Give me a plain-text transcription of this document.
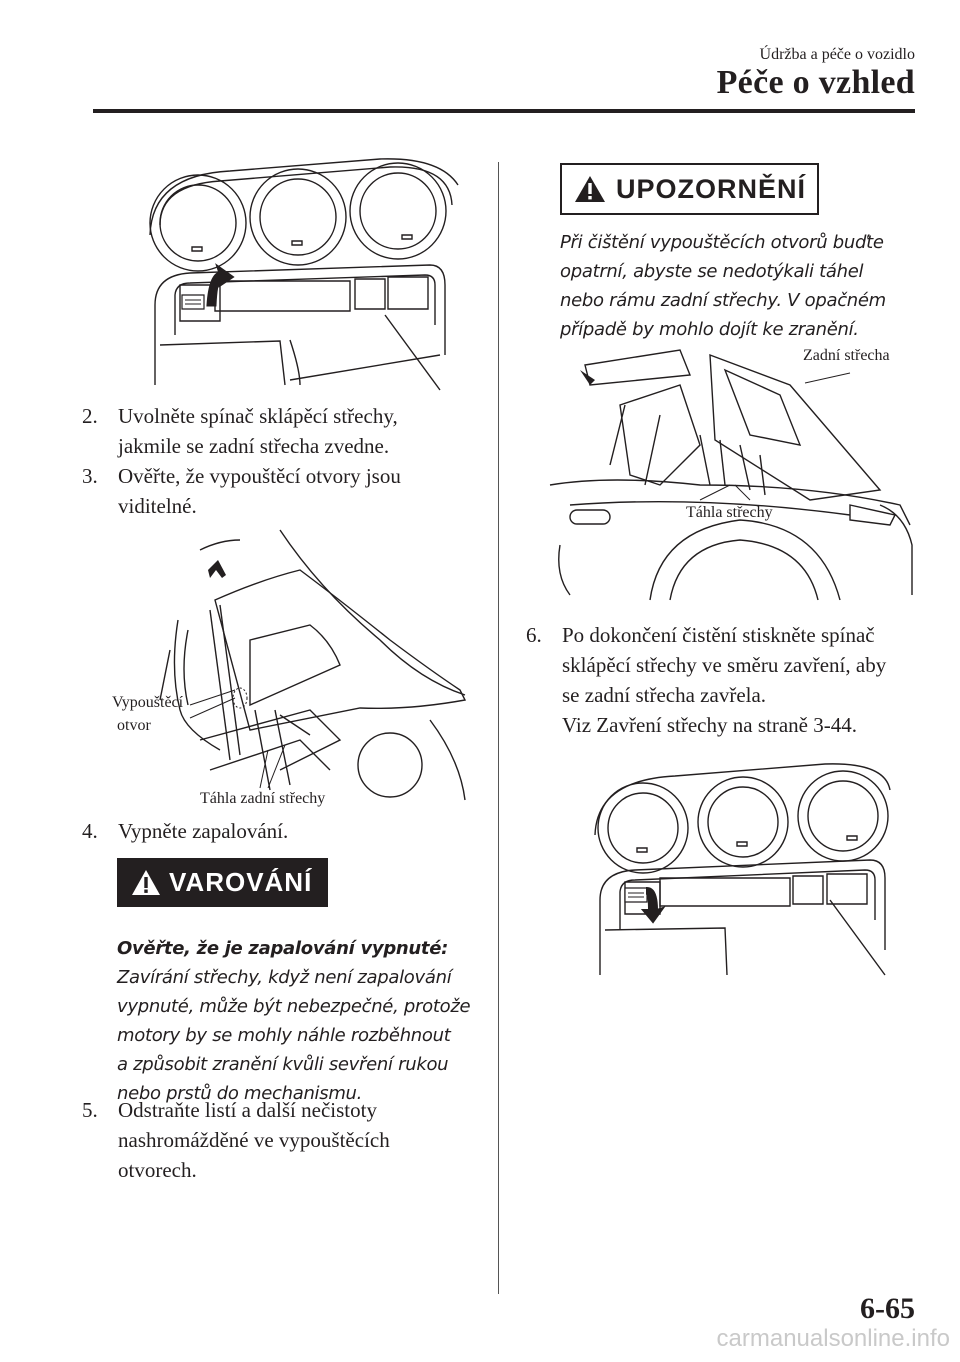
Údržba a péče o vozidlo
Péče o vzhled
2. Uvolněte spínač sklápěcí střechy,
jakmile se zadní střecha zvedne.
3. Ověřte, že vypouštěcí otvory jsou
viditelné.
Vypouštěcí
otvor
Táhla zadní střechy
4. Vypněte zapalování.
VAROVÁNÍ
Ověřte, že je zapalování vypnuté:
Zavírání střechy, když není zapalování
vypnuté, může být nebezpečné, protože
motory by se mohly náhle rozběhnout
a způsobit zranění kvůli sevření rukou
nebo prstů do mechanismu.
5. Odstraňte listí a další nečistoty
nashromážděné ve vypouštěcích
otvorech.
UPOZORNĚNÍ
Při čištění vypouštěcích otvorů buďte
opatrní, abyste se nedotýkali táhel
nebo rámu zadní střechy. V opačném
případě by mohlo dojít ke zranění.
Zadní střecha
Táhla střechy
6. Po dokončení čistění stiskněte spínač
sklápěcí střechy ve směru zavření, aby
se zadní střecha zavřela.
Viz Zavření střechy na straně 3-44.
6-65
carmanualsonline.info
